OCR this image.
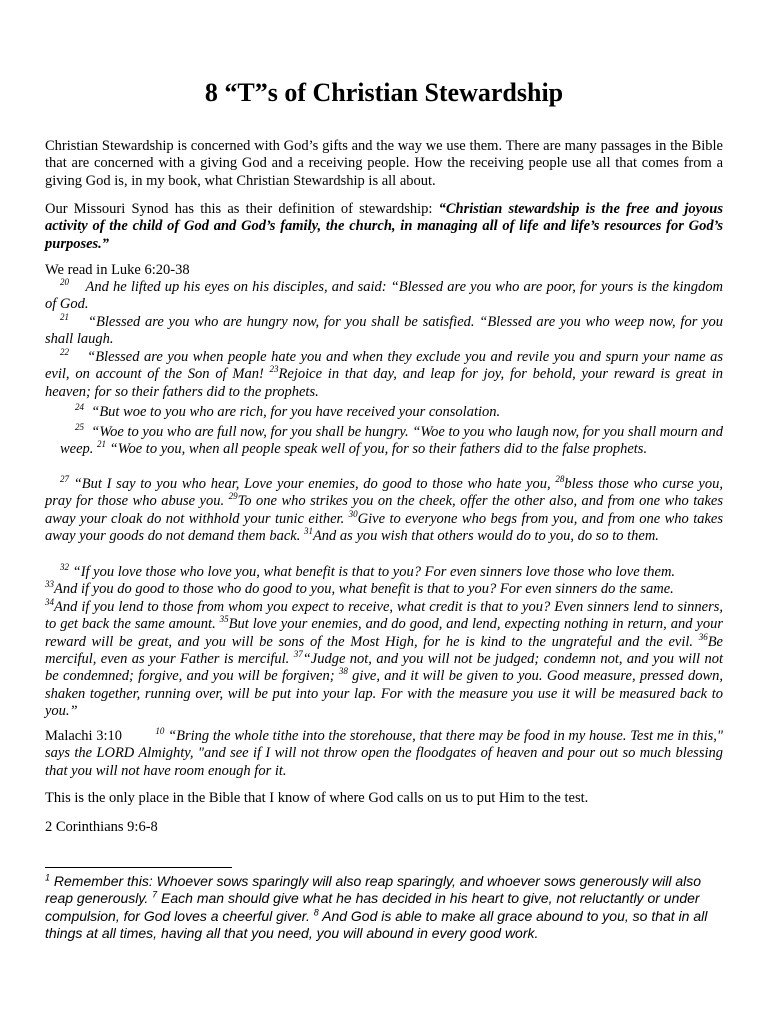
8 “T”s of Christian Stewardship

Christian Stewardship is concerned with God’s gifts and the way we use them. There are many passages in the Bible that are concerned with a giving God and a receiving people. How the receiving people use all that comes from a giving God is, in my book, what Christian Stewardship is all about.

Our Missouri Synod has this as their definition of stewardship: “Christian stewardship is the free and joyous activity of the child of God and God’s family, the church, in managing all of life and life’s resources for God’s purposes.”

We read in Luke 6:20-38

$^{20}$ And he lifted up his eyes on his disciples, and said: “Blessed are you who are poor, for yours is the kingdom of God.

$^{21}$ “Blessed are you who are hungry now, for you shall be satisfied. “Blessed are you who weep now, for you shall laugh.

$^{22}$ “Blessed are you when people hate you and when they exclude you and revile you and spurn your name as evil, on account of the Son of Man! $^{23}$Rejoice in that day, and leap for joy, for behold, your reward is great in heaven; for so their fathers did to the prophets.

$^{24}$ “But woe to you who are rich, for you have received your consolation.

$^{25}$ “Woe to you who are full now, for you shall be hungry. “Woe to you who laugh now, for you shall mourn and weep. $^{21}$ “Woe to you, when all people speak well of you, for so their fathers did to the false prophets.

$^{27}$ “But I say to you who hear, Love your enemies, do good to those who hate you, $^{28}$bless those who curse you, pray for those who abuse you. $^{29}$To one who strikes you on the cheek, offer the other also, and from one who takes away your cloak do not withhold your tunic either. $^{30}$Give to everyone who begs from you, and from one who takes away your goods do not demand them back. $^{31}$And as you wish that others would do to you, do so to them.

$^{32}$ “If you love those who love you, what benefit is that to you? For even sinners love those who love them.
$^{33}$And if you do good to those who do good to you, what benefit is that to you? For even sinners do the same.
$^{34}$And if you lend to those from whom you expect to receive, what credit is that to you? Even sinners lend to sinners, to get back the same amount. $^{35}$But love your enemies, and do good, and lend, expecting nothing in return, and your reward will be great, and you will be sons of the Most High, for he is kind to the ungrateful and the evil. $^{36}$Be merciful, even as your Father is merciful. $^{37}$“Judge not, and you will not be judged; condemn not, and you will not be condemned; forgive, and you will be forgiven; $^{38}$ give, and it will be given to you. Good measure, pressed down, shaken together, running over, will be put into your lap. For with the measure you use it will be measured back to you.”

Malachi 3:10	$^{10}$ “Bring the whole tithe into the storehouse, that there may be food in my house. Test me in this," says the LORD Almighty, "and see if I will not throw open the floodgates of heaven and pour out so much blessing that you will not have room enough for it.

This is the only place in the Bible that I know of where God calls on us to put Him to the test.

2 Corinthians 9:6-8

$^1$ Remember this: Whoever sows sparingly will also reap sparingly, and whoever sows generously will also reap generously. $^7$ Each man should give what he has decided in his heart to give, not reluctantly or under compulsion, for God loves a cheerful giver. $^8$ And God is able to make all grace abound to you, so that in all things at all times, having all that you need, you will abound in every good work.
